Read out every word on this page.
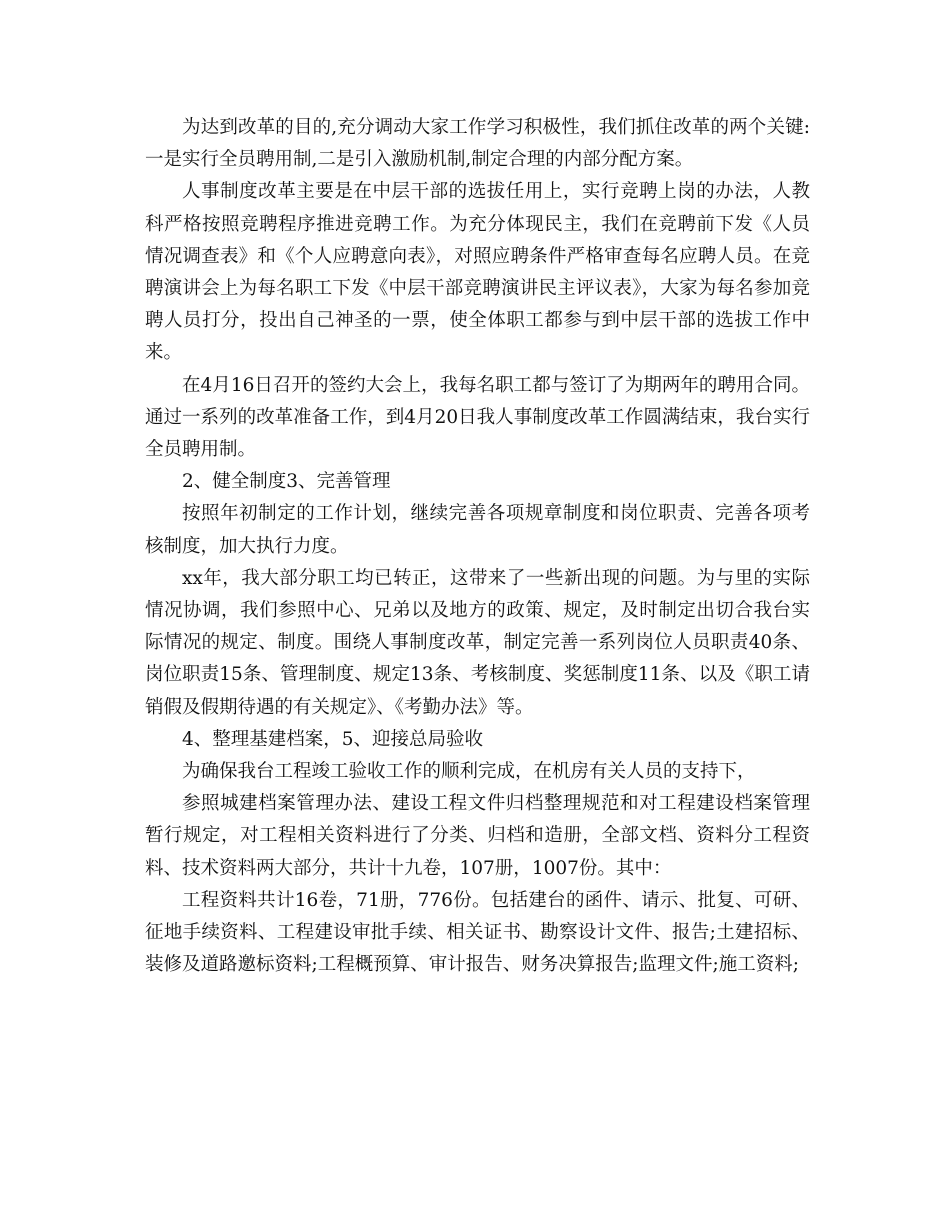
为达到改革的目的,充分调动大家工作学习积极性，我们抓住改革的两个关键:一是实行全员聘用制,二是引入激励机制,制定合理的内部分配方案。

人事制度改革主要是在中层干部的选拔任用上，实行竞聘上岗的办法，人教科严格按照竞聘程序推进竞聘工作。为充分体现民主，我们在竞聘前下发《人员情况调查表》和《个人应聘意向表》，对照应聘条件严格审查每名应聘人员。在竞聘演讲会上为每名职工下发《中层干部竞聘演讲民主评议表》，大家为每名参加竞聘人员打分，投出自己神圣的一票，使全体职工都参与到中层干部的选拔工作中来。

在4月16日召开的签约大会上，我每名职工都与签订了为期两年的聘用合同。通过一系列的改革准备工作，到4月20日我人事制度改革工作圆满结束，我台实行全员聘用制。

2、健全制度3、完善管理

按照年初制定的工作计划，继续完善各项规章制度和岗位职责、完善各项考核制度，加大执行力度。

xx年，我大部分职工均已转正，这带来了一些新出现的问题。为与里的实际情况协调，我们参照中心、兄弟以及地方的政策、规定，及时制定出切合我台实际情况的规定、制度。围绕人事制度改革，制定完善一系列岗位人员职责40条、岗位职责15条、管理制度、规定13条、考核制度、奖惩制度11条、以及《职工请销假及假期待遇的有关规定》、《考勤办法》等。

4、整理基建档案，5、迎接总局验收

为确保我台工程竣工验收工作的顺利完成，在机房有关人员的支持下，

参照城建档案管理办法、建设工程文件归档整理规范和对工程建设档案管理暂行规定，对工程相关资料进行了分类、归档和造册，全部文档、资料分工程资料、技术资料两大部分，共计十九卷，107册，1007份。其中：

工程资料共计16卷，71册，776份。包括建台的函件、请示、批复、可研、征地手续资料、工程建设审批手续、相关证书、勘察设计文件、报告;土建招标、装修及道路邀标资料;工程概预算、审计报告、财务决算报告;监理文件;施工资料;
